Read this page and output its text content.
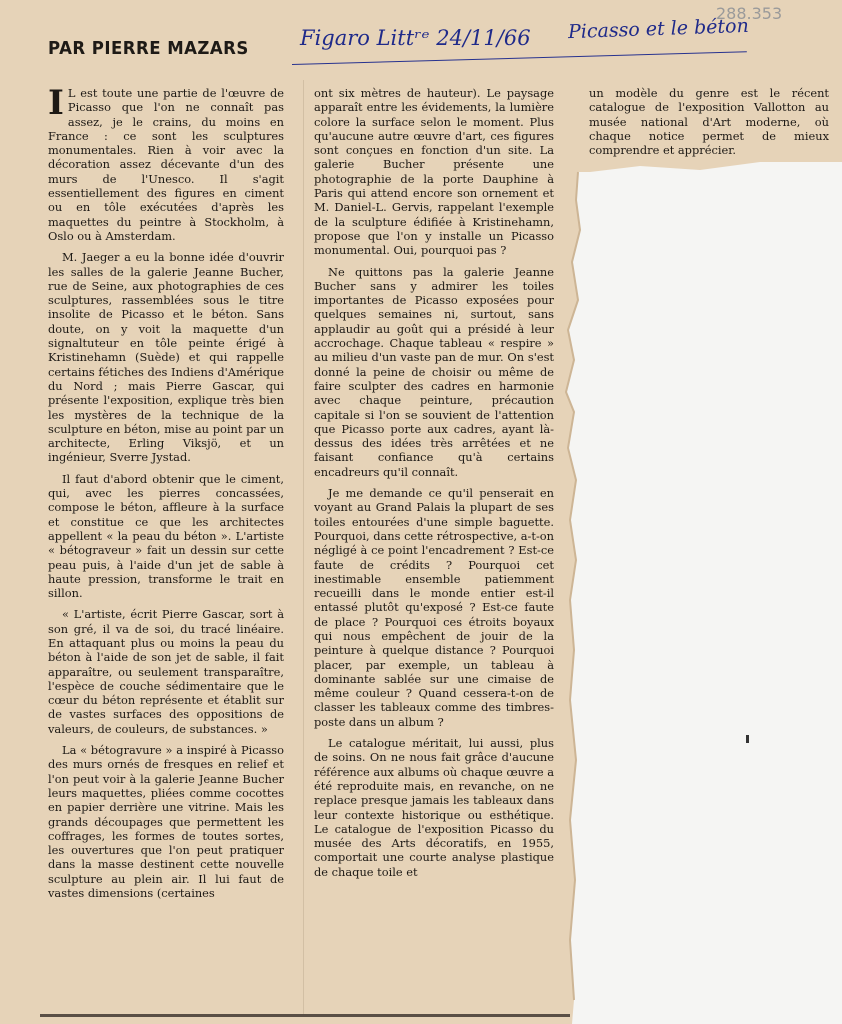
PAR PIERRE MAZARS Figaro Littʳᵉ 24/11/66 Picasso et le béton
288.353

I L est toute une partie de l'œuvre de Picasso que l'on ne connaît pas assez, je le crains, du moins en France : ce sont les sculptures monumentales. Rien à voir avec la décoration assez décevante d'un des murs de l'Unesco. Il s'agit essentiellement des figures en ciment ou en tôle exécutées d'après les maquettes du peintre à Stockholm, à Oslo ou à Amsterdam.

M. Jaeger a eu la bonne idée d'ouvrir les salles de la galerie Jeanne Bucher, rue de Seine, aux photographies de ces sculptures, rassemblées sous le titre insolite de Picasso et le béton. Sans doute, on y voit la maquette d'un signaltuteur en tôle peinte érigé à Kristinehamn (Suède) et qui rappelle certains fétiches des Indiens d'Amérique du Nord ; mais Pierre Gascar, qui présente l'exposition, explique très bien les mystères de la technique de la sculpture en béton, mise au point par un architecte, Erling Viksjö, et un ingénieur, Sverre Jystad.

Il faut d'abord obtenir que le ciment, qui, avec les pierres concassées, compose le béton, affleure à la surface et constitue ce que les architectes appellent « la peau du béton ». L'artiste « bétograveur » fait un dessin sur cette peau puis, à l'aide d'un jet de sable à haute pression, transforme le trait en sillon.

« L'artiste, écrit Pierre Gascar, sort à son gré, il va de soi, du tracé linéaire. En attaquant plus ou moins la peau du béton à l'aide de son jet de sable, il fait apparaître, ou seulement transparaître, l'espèce de couche sédimentaire que le cœur du béton représente et établit sur de vastes surfaces des oppositions de valeurs, de couleurs, de substances. »

La « bétogravure » a inspiré à Picasso des murs ornés de fresques en relief et l'on peut voir à la galerie Jeanne Bucher leurs maquettes, pliées comme cocottes en papier derrière une vitrine. Mais les grands découpages que permettent les coffrages, les formes de toutes sortes, les ouvertures que l'on peut pratiquer dans la masse destinent cette nouvelle sculpture au plein air. Il lui faut de vastes dimensions (certaines

ont six mètres de hauteur). Le paysage apparaît entre les évidements, la lumière colore la surface selon le moment. Plus qu'aucune autre œuvre d'art, ces figures sont conçues en fonction d'un site. La galerie Bucher présente une photographie de la porte Dauphine à Paris qui attend encore son ornement et M. Daniel-L. Gervis, rappelant l'exemple de la sculpture édifiée à Kristinehamn, propose que l'on y installe un Picasso monumental. Oui, pourquoi pas ?

Ne quittons pas la galerie Jeanne Bucher sans y admirer les toiles importantes de Picasso exposées pour quelques semaines ni, surtout, sans applaudir au goût qui a présidé à leur accrochage. Chaque tableau « respire » au milieu d'un vaste pan de mur. On s'est donné la peine de choisir ou même de faire sculpter des cadres en harmonie avec chaque peinture, précaution capitale si l'on se souvient de l'attention que Picasso porte aux cadres, ayant là-dessus des idées très arrêtées et ne faisant confiance qu'à certains encadreurs qu'il connaît.

Je me demande ce qu'il penserait en voyant au Grand Palais la plupart de ses toiles entourées d'une simple baguette. Pourquoi, dans cette rétrospective, a-t-on négligé à ce point l'encadrement ? Est-ce faute de crédits ? Pourquoi cet inestimable ensemble patiemment recueilli dans le monde entier est-il entassé plutôt qu'exposé ? Est-ce faute de place ? Pourquoi ces étroits boyaux qui nous empêchent de jouir de la peinture à quelque distance ? Pourquoi placer, par exemple, un tableau à dominante sablée sur une cimaise de même couleur ? Quand cessera-t-on de classer les tableaux comme des timbres-poste dans un album ?

Le catalogue méritait, lui aussi, plus de soins. On ne nous fait grâce d'aucune référence aux albums où chaque œuvre a été reproduite mais, en revanche, on ne replace presque jamais les tableaux dans leur contexte historique ou esthétique. Le catalogue de l'exposition Picasso du musée des Arts décoratifs, en 1955, comportait une courte analyse plastique de chaque toile et

un modèle du genre est le récent catalogue de l'exposition Vallotton au musée national d'Art moderne, où chaque notice permet de mieux comprendre et apprécier.
